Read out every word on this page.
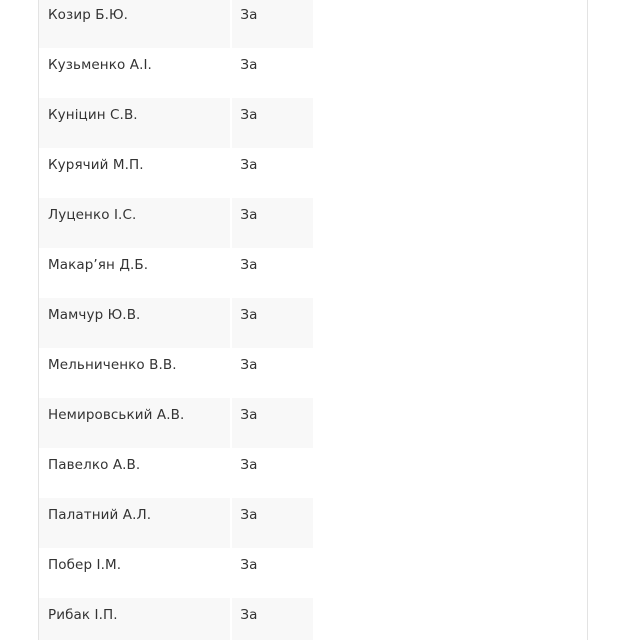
Козир Б.Ю.	За
Кузьменко А.І.	За
Куніцин С.В.	За
Курячий М.П.	За
Луценко І.С.	За
Макар’ян Д.Б.	За
Мамчур Ю.В.	За
Мельниченко В.В.	За
Немировський А.В.	За
Павелко А.В.	За
Палатний А.Л.	За
Побер І.М.	За
Рибак І.П.	За
